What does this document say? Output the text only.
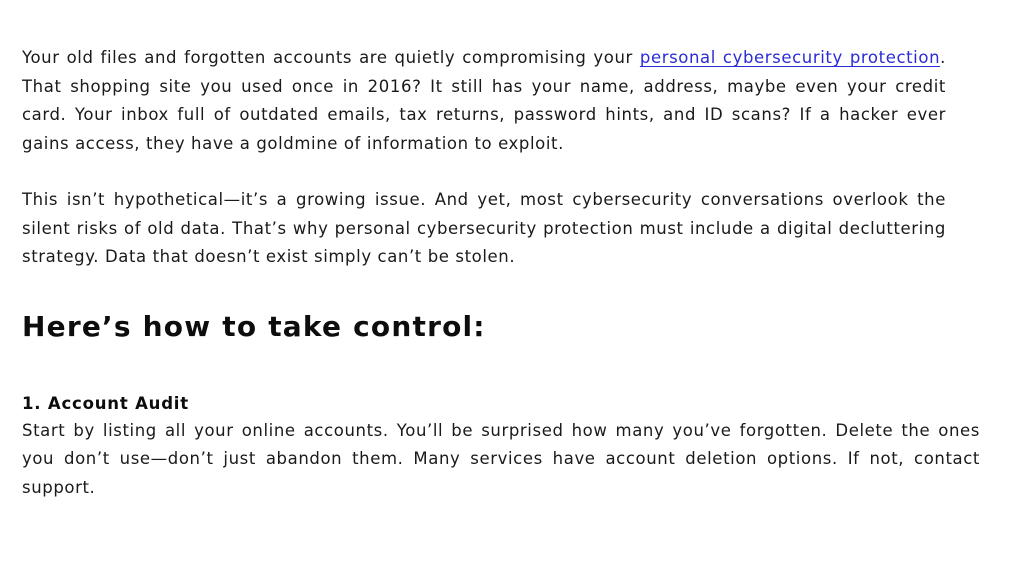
Your old files and forgotten accounts are quietly compromising your personal cybersecurity protection. That shopping site you used once in 2016? It still has your name, address, maybe even your credit card. Your inbox full of outdated emails, tax returns, password hints, and ID scans? If a hacker ever gains access, they have a goldmine of information to exploit.

This isn’t hypothetical—it’s a growing issue. And yet, most cybersecurity conversations overlook the silent risks of old data. That’s why personal cybersecurity protection must include a digital decluttering strategy. Data that doesn’t exist simply can’t be stolen.

Here’s how to take control:
1. Account Audit

Start by listing all your online accounts. You’ll be surprised how many you’ve forgotten. Delete the ones you don’t use—don’t just abandon them. Many services have account deletion options. If not, contact support.
